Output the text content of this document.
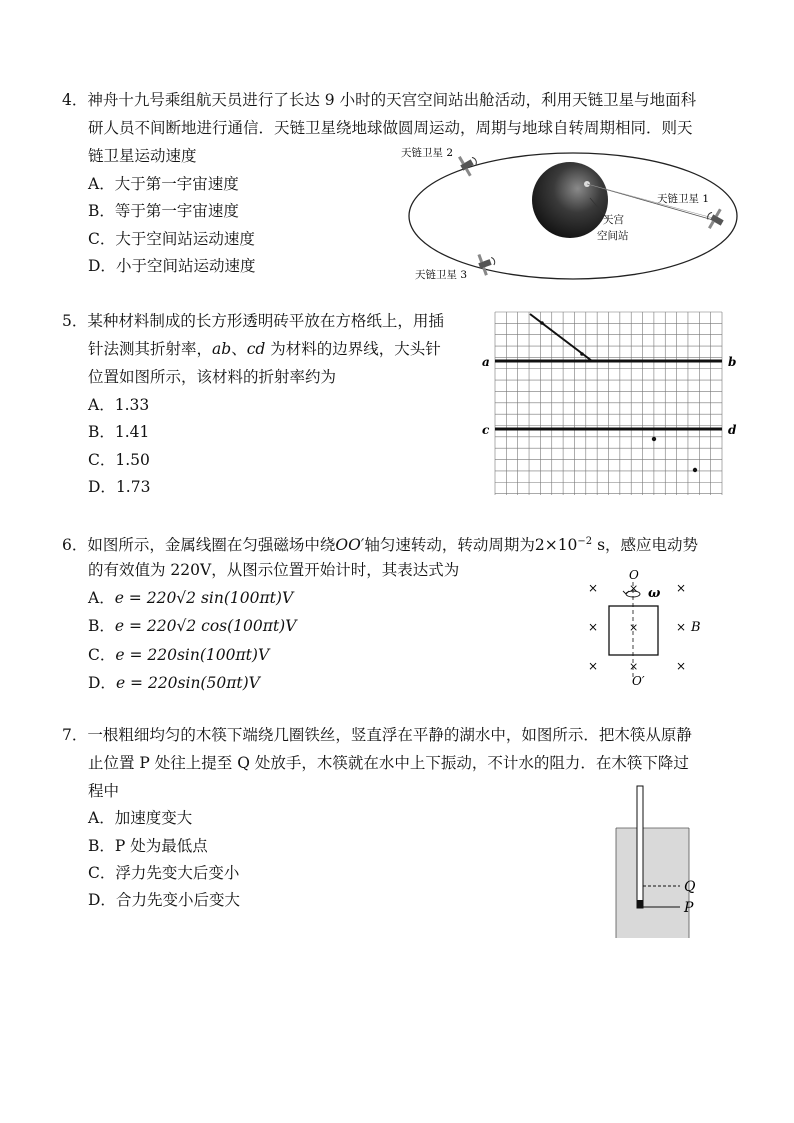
4．神舟十九号乘组航天员进行了长达 9 小时的天宫空间站出舱活动，利用天链卫星与地面科
研人员不间断地进行通信．天链卫星绕地球做圆周运动，周期与地球自转周期相同．则天
链卫星运动速度
A．大于第一宇宙速度
B．等于第一宇宙速度
C．大于空间站运动速度
D．小于空间站运动速度
天链卫星 2
天链卫星 1
天链卫星 3
天宫
空间站
5．某种材料制成的长方形透明砖平放在方格纸上，用插
针法测其折射率，ab、cd 为材料的边界线，大头针
位置如图所示，该材料的折射率约为
A．1.33
B．1.41
C．1.50
D．1.73
a	b
c	d
6．如图所示，金属线圈在匀强磁场中绕OO′轴匀速转动，转动周期为$2\times 10^{-2}$ s，感应电动势
的有效值为 220V，从图示位置开始计时，其表达式为
A．e = 220√2 sin(100πt)V
B．e = 220√2 cos(100πt)V
C．e = 220sin(100πt)V
D．e = 220sin(50πt)V
×	×
×	×
×	×
×
×
×
O
ω
B
O′
7．一根粗细均匀的木筷下端绕几圈铁丝，竖直浮在平静的湖水中，如图所示．把木筷从原静
止位置 P 处往上提至 Q 处放手，木筷就在水中上下振动，不计水的阻力．在木筷下降过
程中
A．加速度变大
B．P 处为最低点
C．浮力先变大后变小
D．合力先变小后变大
Q
P
